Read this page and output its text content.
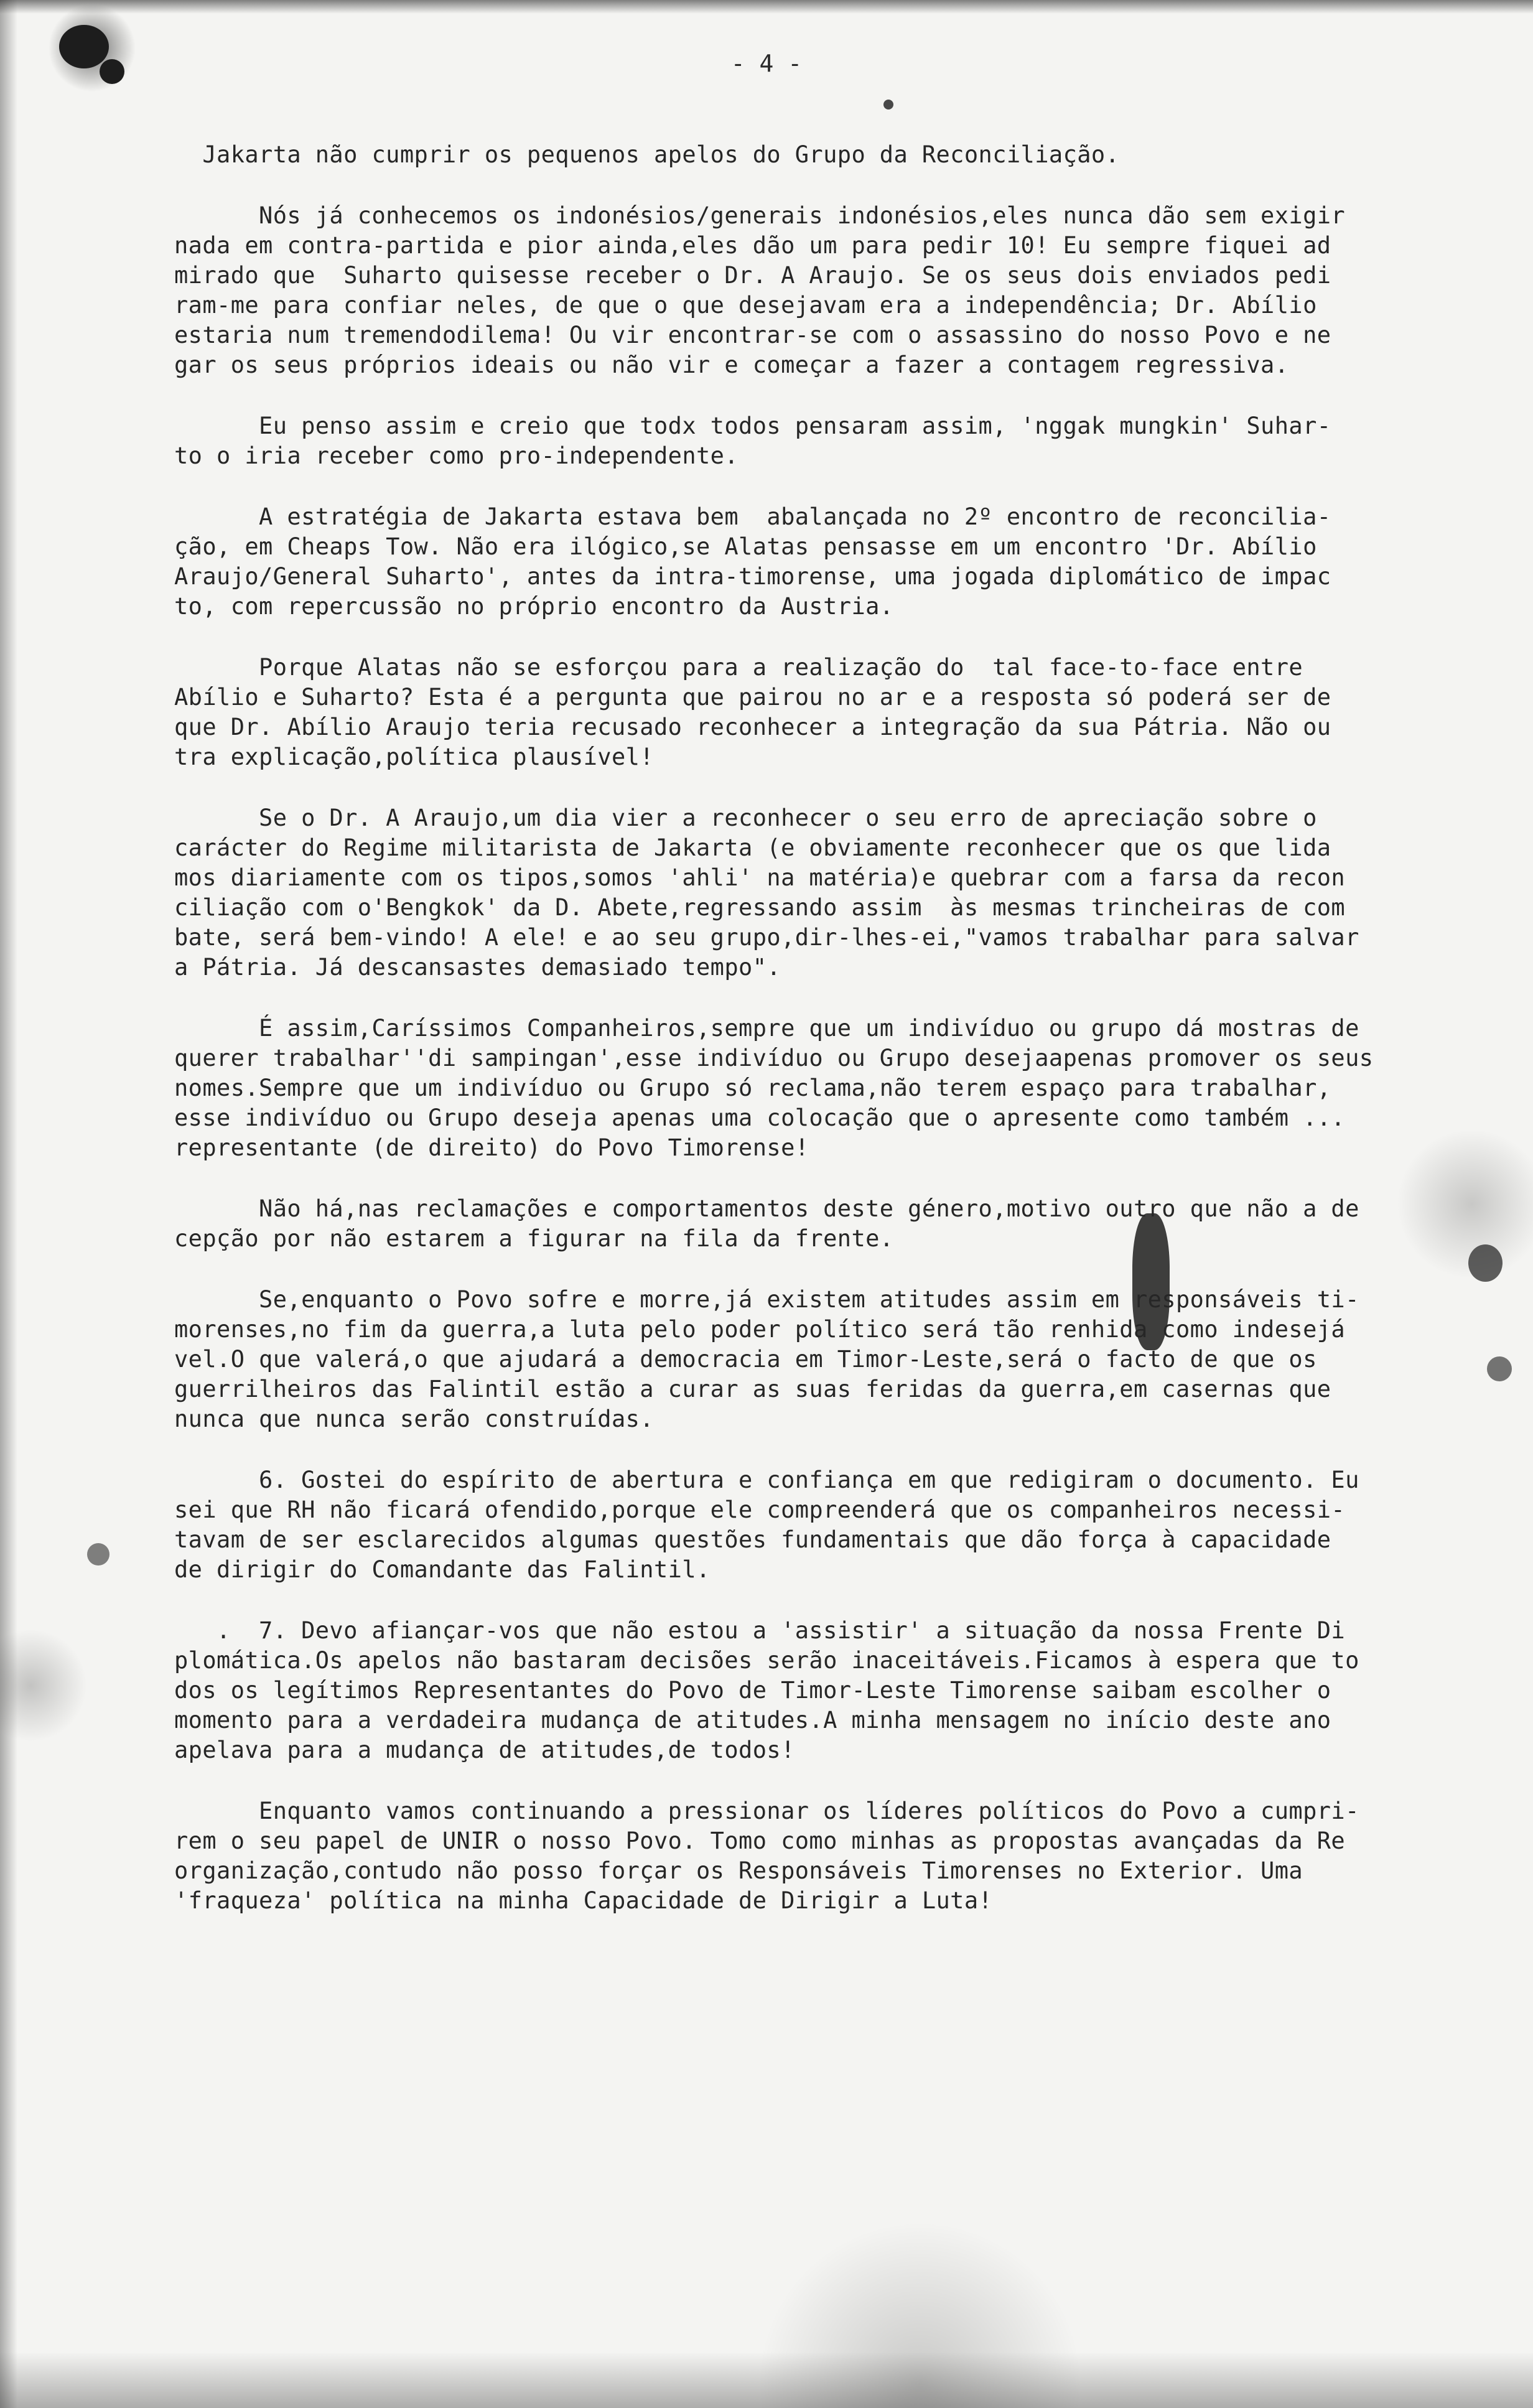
- 4 -
Jakarta não cumprir os pequenos apelos do Grupo da Reconciliação.
Nós já conhecemos os indonésios/generais indonésios,eles nunca dão sem exigir
nada em contra-partida e pior ainda,eles dão um para pedir 10! Eu sempre fiquei ad
mirado que  Suharto quisesse receber o Dr. A Araujo. Se os seus dois enviados pedi
ram-me para confiar neles, de que o que desejavam era a independência; Dr. Abílio
estaria num tremendodilema! Ou vir encontrar-se com o assassino do nosso Povo e ne
gar os seus próprios ideais ou não vir e começar a fazer a contagem regressiva.
Eu penso assim e creio que todx todos pensaram assim, 'nggak mungkin' Suhar-
to o iria receber como pro-independente.
A estratégia de Jakarta estava bem  abalançada no 2º encontro de reconcilia-
ção, em Cheaps Tow. Não era ilógico,se Alatas pensasse em um encontro 'Dr. Abílio
Araujo/General Suharto', antes da intra-timorense, uma jogada diplomático de impac
to, com repercussão no próprio encontro da Austria.
Porque Alatas não se esforçou para a realização do  tal face-to-face entre
Abílio e Suharto? Esta é a pergunta que pairou no ar e a resposta só poderá ser de
que Dr. Abílio Araujo teria recusado reconhecer a integração da sua Pátria. Não ou
tra explicação,política plausível!
Se o Dr. A Araujo,um dia vier a reconhecer o seu erro de apreciação sobre o
carácter do Regime militarista de Jakarta (e obviamente reconhecer que os que lida
mos diariamente com os tipos,somos 'ahli' na matéria)e quebrar com a farsa da recon
ciliação com o'Bengkok' da D. Abete,regressando assim  às mesmas trincheiras de com
bate, será bem-vindo! A ele! e ao seu grupo,dir-lhes-ei,"vamos trabalhar para salvar
a Pátria. Já descansastes demasiado tempo".
É assim,Caríssimos Companheiros,sempre que um indivíduo ou grupo dá mostras de
querer trabalhar''di sampingan',esse indivíduo ou Grupo desejaapenas promover os seus
nomes.Sempre que um indivíduo ou Grupo só reclama,não terem espaço para trabalhar,
esse indivíduo ou Grupo deseja apenas uma colocação que o apresente como também ...
representante (de direito) do Povo Timorense!
Não há,nas reclamações e comportamentos deste género,motivo outro que não a de
cepção por não estarem a figurar na fila da frente.
Se,enquanto o Povo sofre e morre,já existem atitudes assim em responsáveis ti-
morenses,no fim da guerra,a luta pelo poder político será tão renhida como indesejá
vel.O que valerá,o que ajudará a democracia em Timor-Leste,será o facto de que os
guerrilheiros das Falintil estão a curar as suas feridas da guerra,em casernas que
nunca que nunca serão construídas.
6. Gostei do espírito de abertura e confiança em que redigiram o documento. Eu
sei que RH não ficará ofendido,porque ele compreenderá que os companheiros necessi-
tavam de ser esclarecidos algumas questões fundamentais que dão força à capacidade
de dirigir do Comandante das Falintil.
.  7. Devo afiançar-vos que não estou a 'assistir' a situação da nossa Frente Di
plomática.Os apelos não bastaram decisões serão inaceitáveis.Ficamos à espera que to
dos os legítimos Representantes do Povo de Timor-Leste Timorense saibam escolher o
momento para a verdadeira mudança de atitudes.A minha mensagem no início deste ano
apelava para a mudança de atitudes,de todos!
Enquanto vamos continuando a pressionar os líderes políticos do Povo a cumpri-
rem o seu papel de UNIR o nosso Povo. Tomo como minhas as propostas avançadas da Re
organização,contudo não posso forçar os Responsáveis Timorenses no Exterior. Uma
'fraqueza' política na minha Capacidade de Dirigir a Luta!
